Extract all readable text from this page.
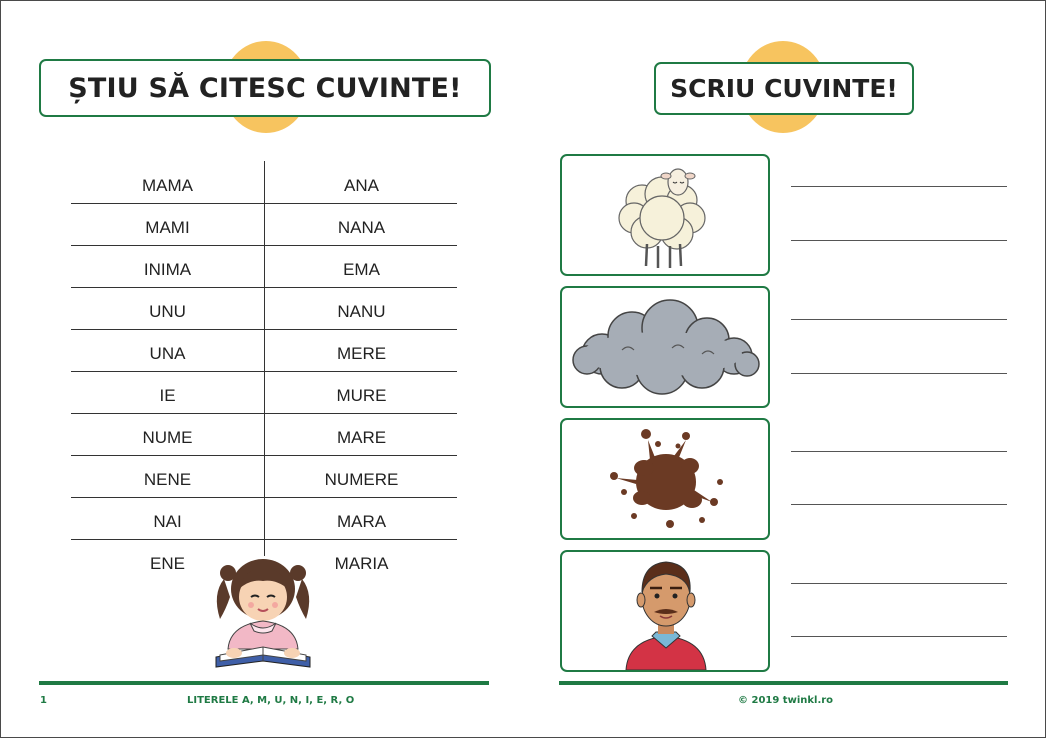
ȘTIU SĂ CITESC CUVINTE!	SCRIU CUVINTE!
MAMA	ANA
MAMI	NANA
INIMA	EMA
UNU	NANU
UNA	MERE
IE	MURE
NUME	MARE
NENE	NUMERE
NAI	MARA
ENE	MARIA
1	LITERELE A, M, U, N, I, E, R, O	© 2019 twinkl.ro
